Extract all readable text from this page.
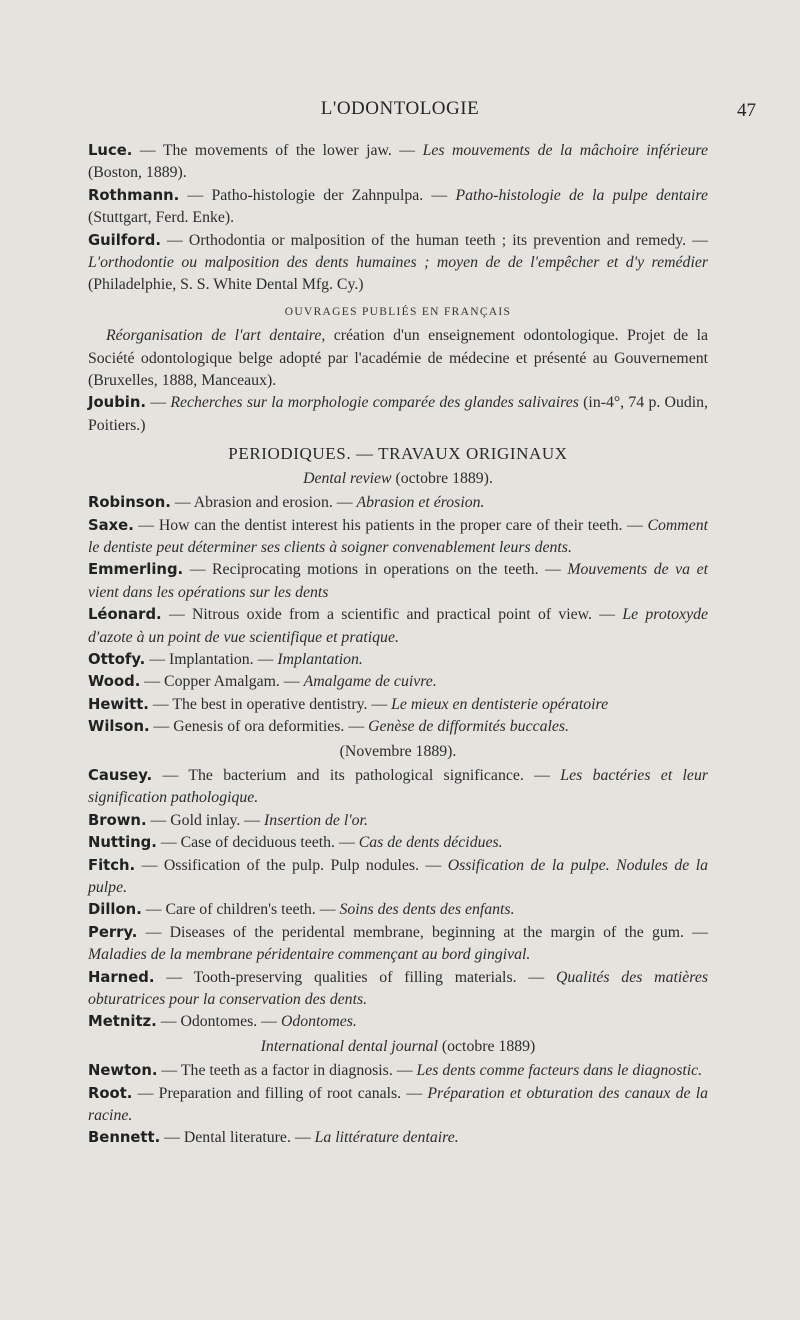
L'ODONTOLOGIE	47

Luce. — The movements of the lower jaw. — Les mouvements de la mâchoire inférieure (Boston, 1889).

Rothmann. — Patho-histologie der Zahnpulpa. — Patho-histologie de la pulpe dentaire (Stuttgart, Ferd. Enke).

Guilford. — Orthodontia or malposition of the human teeth ; its prevention and remedy. — L'orthodontie ou malposition des dents humaines ; moyen de de l'empêcher et d'y remédier (Philadelphie, S. S. White Dental Mfg. Cy.)

OUVRAGES PUBLIÉS EN FRANÇAIS

Réorganisation de l'art dentaire, création d'un enseignement odontologique. Projet de la Société odontologique belge adopté par l'académie de médecine et présenté au Gouvernement (Bruxelles, 1888, Manceaux).

Joubin. — Recherches sur la morphologie comparée des glandes salivaires (in-4°, 74 p. Oudin, Poitiers.)

PERIODIQUES. — TRAVAUX ORIGINAUX
Dental review (octobre 1889).

Robinson. — Abrasion and erosion. — Abrasion et érosion.

Saxe. — How can the dentist interest his patients in the proper care of their teeth. — Comment le dentiste peut déterminer ses clients à soigner convenablement leurs dents.

Emmerling. — Reciprocating motions in operations on the teeth. — Mouvements de va et vient dans les opérations sur les dents

Léonard. — Nitrous oxide from a scientific and practical point of view. — Le protoxyde d'azote à un point de vue scientifique et pratique.

Ottofy. — Implantation. — Implantation.

Wood. — Copper Amalgam. — Amalgame de cuivre.

Hewitt. — The best in operative dentistry. — Le mieux en dentisterie opératoire

Wilson. — Genesis of ora deformities. — Genèse de difformités buccales.

(Novembre 1889).

Causey. — The bacterium and its pathological significance. — Les bactéries et leur signification pathologique.

Brown. — Gold inlay. — Insertion de l'or.

Nutting. — Case of deciduous teeth. — Cas de dents décidues.

Fitch. — Ossification of the pulp. Pulp nodules. — Ossification de la pulpe. Nodules de la pulpe.

Dillon. — Care of children's teeth. — Soins des dents des enfants.

Perry. — Diseases of the peridental membrane, beginning at the margin of the gum. — Maladies de la membrane péridentaire commençant au bord gingival.

Harned. — Tooth-preserving qualities of filling materials. — Qualités des matières obturatrices pour la conservation des dents.

Metnitz. — Odontomes. — Odontomes.

International dental journal (octobre 1889)

Newton. — The teeth as a factor in diagnosis. — Les dents comme facteurs dans le diagnostic.

Root. — Preparation and filling of root canals. — Préparation et obturation des canaux de la racine.

Bennett. — Dental literature. — La littérature dentaire.
